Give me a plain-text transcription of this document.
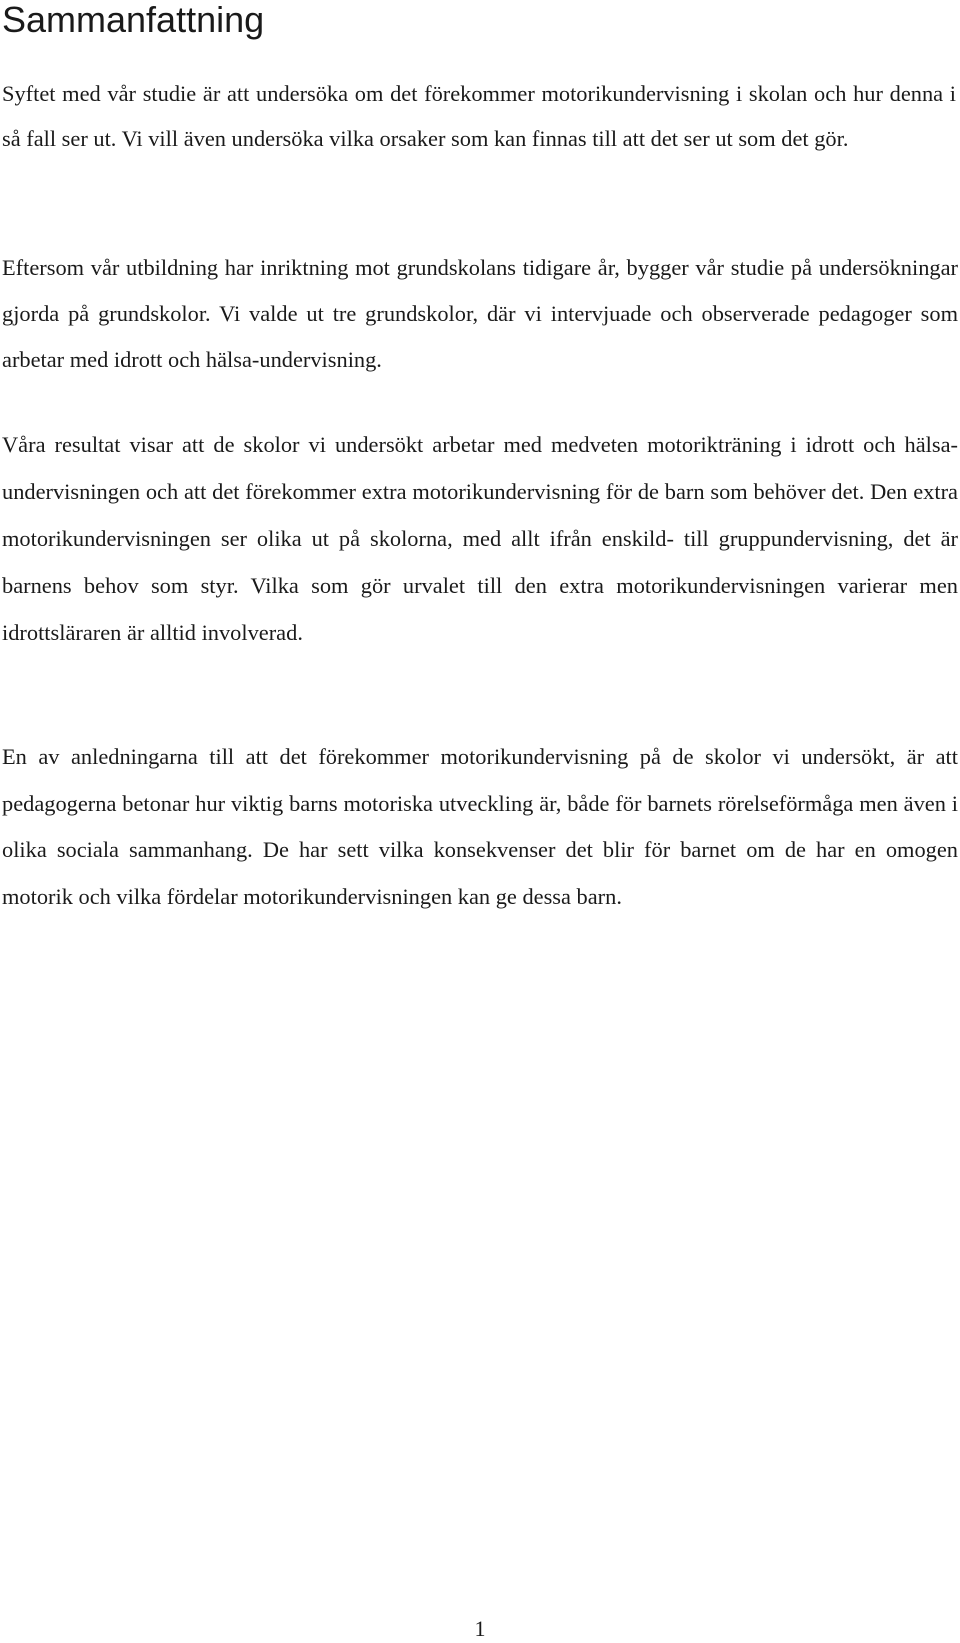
Sammanfattning

Syftet med vår studie är att undersöka om det förekommer motorikundervisning i skolan och hur denna i så fall ser ut. Vi vill även undersöka vilka orsaker som kan finnas till att det ser ut som det gör.

Eftersom vår utbildning har inriktning mot grundskolans tidigare år, bygger vår studie på undersökningar gjorda på grundskolor. Vi valde ut tre grundskolor, där vi intervjuade och observerade pedagoger som arbetar med idrott och hälsa-undervisning.

Våra resultat visar att de skolor vi undersökt arbetar med medveten motorikträning i idrott och hälsa-undervisningen och att det förekommer extra motorikundervisning för de barn som behöver det. Den extra motorikundervisningen ser olika ut på skolorna, med allt ifrån enskild- till gruppundervisning, det är barnens behov som styr. Vilka som gör urvalet till den extra motorikundervisningen varierar men idrottsläraren är alltid involverad.

En av anledningarna till att det förekommer motorikundervisning på de skolor vi undersökt, är att pedagogerna betonar hur viktig barns motoriska utveckling är, både för barnets rörelseförmåga men även i olika sociala sammanhang. De har sett vilka konsekvenser det blir för barnet om de har en omogen motorik och vilka fördelar motorikundervisningen kan ge dessa barn.

1
